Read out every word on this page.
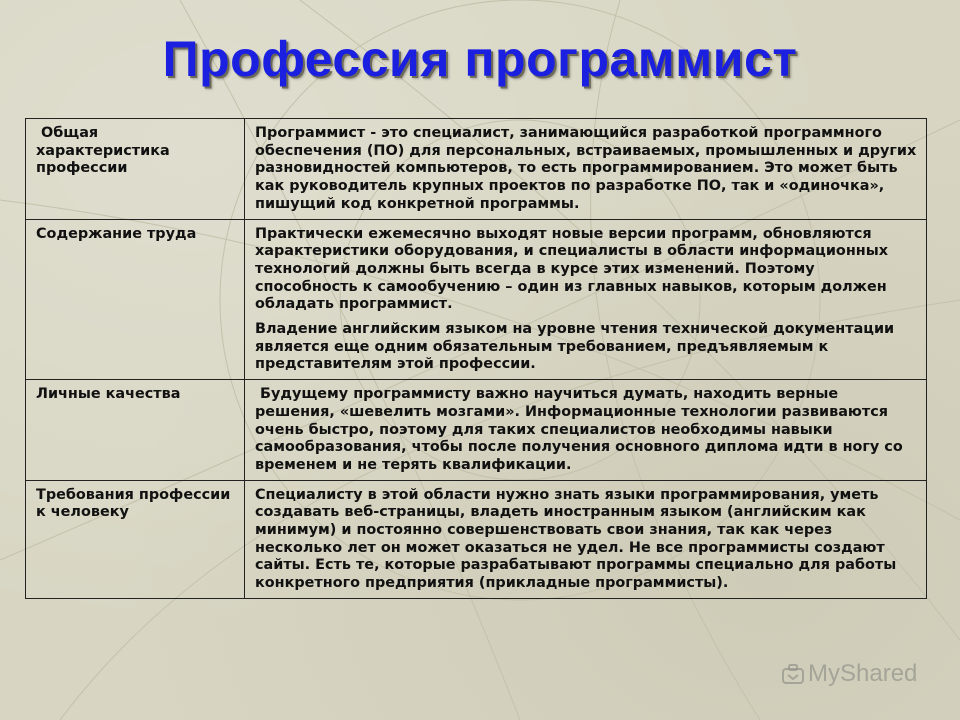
Профессия программист
Общая характеристика профессии	Программист - это специалист, занимающийся разработкой программного обеспечения (ПО) для персональных, встраиваемых, промышленных и других разновидностей компьютеров, то есть программированием. Это может быть как руководитель крупных проектов по разработке ПО, так и «одиночка», пишущий код конкретной программы.

Содержание труда	Практически ежемесячно выходят новые версии программ, обновляются характеристики оборудования, и специалисты в области информационных технологий должны быть всегда в курсе этих изменений. Поэтому способность к самообучению – один из главных навыков, которым должен обладать программист.

Владение английским языком на уровне чтения технической документации является еще одним обязательным требованием, предъявляемым к представителям этой профессии.

Личные качества	Будущему программисту важно научиться думать, находить верные решения, «шевелить мозгами». Информационные технологии развиваются очень быстро, поэтому для таких специалистов необходимы навыки самообразования, чтобы после получения основного диплома идти в ногу со временем и не терять квалификации.

Требования профессии к человеку	Специалисту в этой области нужно знать языки программирования, уметь создавать веб-страницы, владеть иностранным языком (английским как минимум) и постоянно совершенствовать свои знания, так как через несколько лет он может оказаться не удел. Не все программисты создают сайты. Есть те, которые разрабатывают программы специально для работы конкретного предприятия (прикладные программисты).

MyShared
